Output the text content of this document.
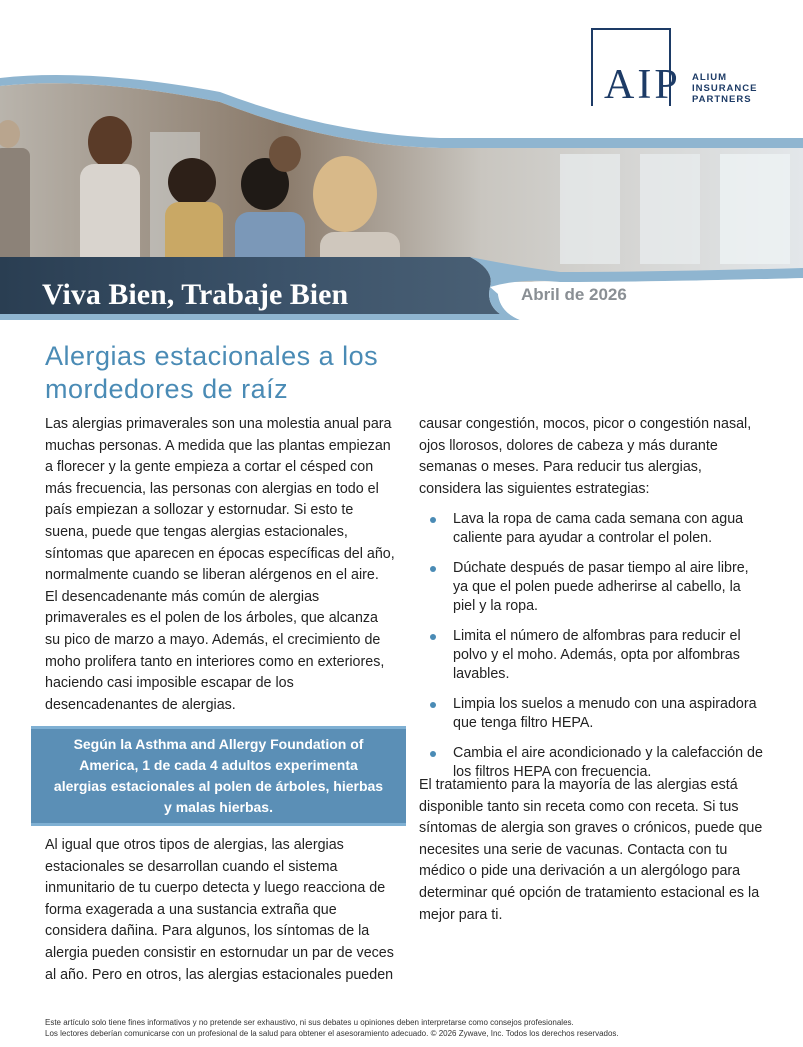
AIP ALIUM
INSURANCE
PARTNERS
Viva Bien, Trabaje Bien	Abril de 2026
Alergias estacionales a los mordedores de raíz

Las alergias primaverales son una molestia anual para muchas personas. A medida que las plantas empiezan a florecer y la gente empieza a cortar el césped con más frecuencia, las personas con alergias en todo el país empiezan a sollozar y estornudar. Si esto te suena, puede que tengas alergias estacionales, síntomas que aparecen en épocas específicas del año, normalmente cuando se liberan alérgenos en el aire. El desencadenante más común de alergias primaverales es el polen de los árboles, que alcanza su pico de marzo a mayo. Además, el crecimiento de moho prolifera tanto en interiores como en exteriores, haciendo casi imposible escapar de los desencadenantes de alergias.

Según la Asthma and Allergy Foundation of America, 1 de cada 4 adultos experimenta alergias estacionales al polen de árboles, hierbas y malas hierbas.

Al igual que otros tipos de alergias, las alergias estacionales se desarrollan cuando el sistema inmunitario de tu cuerpo detecta y luego reacciona de forma exagerada a una sustancia extraña que considera dañina. Para algunos, los síntomas de la alergia pueden consistir en estornudar un par de veces al año. Pero en otros, las alergias estacionales pueden

causar congestión, mocos, picor o congestión nasal, ojos llorosos, dolores de cabeza y más durante semanas o meses. Para reducir tus alergias, considera las siguientes estrategias:

Lava la ropa de cama cada semana con agua caliente para ayudar a controlar el polen.
Dúchate después de pasar tiempo al aire libre, ya que el polen puede adherirse al cabello, la piel y la ropa.
Limita el número de alfombras para reducir el polvo y el moho. Además, opta por alfombras lavables.
Limpia los suelos a menudo con una aspiradora que tenga filtro HEPA.
Cambia el aire acondicionado y la calefacción de los filtros HEPA con frecuencia.

El tratamiento para la mayoría de las alergias está disponible tanto sin receta como con receta. Si tus síntomas de alergia son graves o crónicos, puede que necesites una serie de vacunas. Contacta con tu médico o pide una derivación a un alergólogo para determinar qué opción de tratamiento estacional es la mejor para ti.

Este artículo solo tiene fines informativos y no pretende ser exhaustivo, ni sus debates u opiniones deben interpretarse como consejos profesionales.
Los lectores deberían comunicarse con un profesional de la salud para obtener el asesoramiento adecuado. © 2026 Zywave, Inc. Todos los derechos reservados.
